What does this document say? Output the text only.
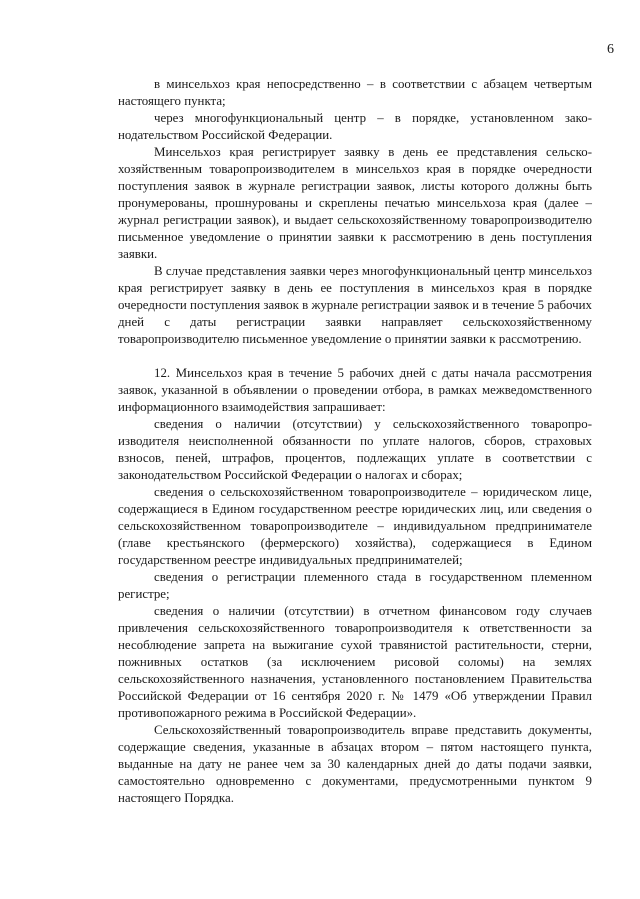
6

в минсельхоз края непосредственно – в соответствии с абзацем четвертым настоящего пункта;

через многофункциональный центр – в порядке, установленном законодательством Российской Федерации.

Минсельхоз края регистрирует заявку в день ее представления сельскохозяйственным товаропроизводителем в минсельхоз края в порядке очередности поступления заявок в журнале регистрации заявок, листы которого должны быть пронумерованы, прошнурованы и скреплены печатью минсельхоза края (далее – журнал регистрации заявок), и выдает сельскохозяйственному товаропроизводителю письменное уведомление о принятии заявки к рассмотрению в день поступления заявки.

В случае представления заявки через многофункциональный центр минсельхоз края регистрирует заявку в день ее поступления в минсельхоз края в порядке очередности поступления заявок в журнале регистрации заявок и в течение 5 рабочих дней с даты регистрации заявки направляет сельскохозяйственному товаропроизводителю письменное уведомление о принятии заявки к рассмотрению.

12. Минсельхоз края в течение 5 рабочих дней с даты начала рассмотрения заявок, указанной в объявлении о проведении отбора, в рамках межведомственного информационного взаимодействия запрашивает:

сведения о наличии (отсутствии) у сельскохозяйственного товаропроизводителя неисполненной обязанности по уплате налогов, сборов, страховых взносов, пеней, штрафов, процентов, подлежащих уплате в соответствии с законодательством Российской Федерации о налогах и сборах;

сведения о сельскохозяйственном товаропроизводителе – юридическом лице, содержащиеся в Едином государственном реестре юридических лиц, или сведения о сельскохозяйственном товаропроизводителе – индивидуальном предпринимателе (главе крестьянского (фермерского) хозяйства), содержащиеся в Едином государственном реестре индивидуальных предпринимателей;

сведения о регистрации племенного стада в государственном племенном регистре;

сведения о наличии (отсутствии) в отчетном финансовом году случаев привлечения сельскохозяйственного товаропроизводителя к ответственности за несоблюдение запрета на выжигание сухой травянистой растительности, стерни, пожнивных остатков (за исключением рисовой соломы) на землях сельскохозяйственного назначения, установленного постановлением Правительства Российской Федерации от 16 сентября 2020 г. № 1479 «Об утверждении Правил противопожарного режима в Российской Федерации».

Сельскохозяйственный товаропроизводитель вправе представить документы, содержащие сведения, указанные в абзацах втором – пятом настоящего пункта, выданные на дату не ранее чем за 30 календарных дней до даты подачи заявки, самостоятельно одновременно с документами, предусмотренными пунктом 9 настоящего Порядка.
